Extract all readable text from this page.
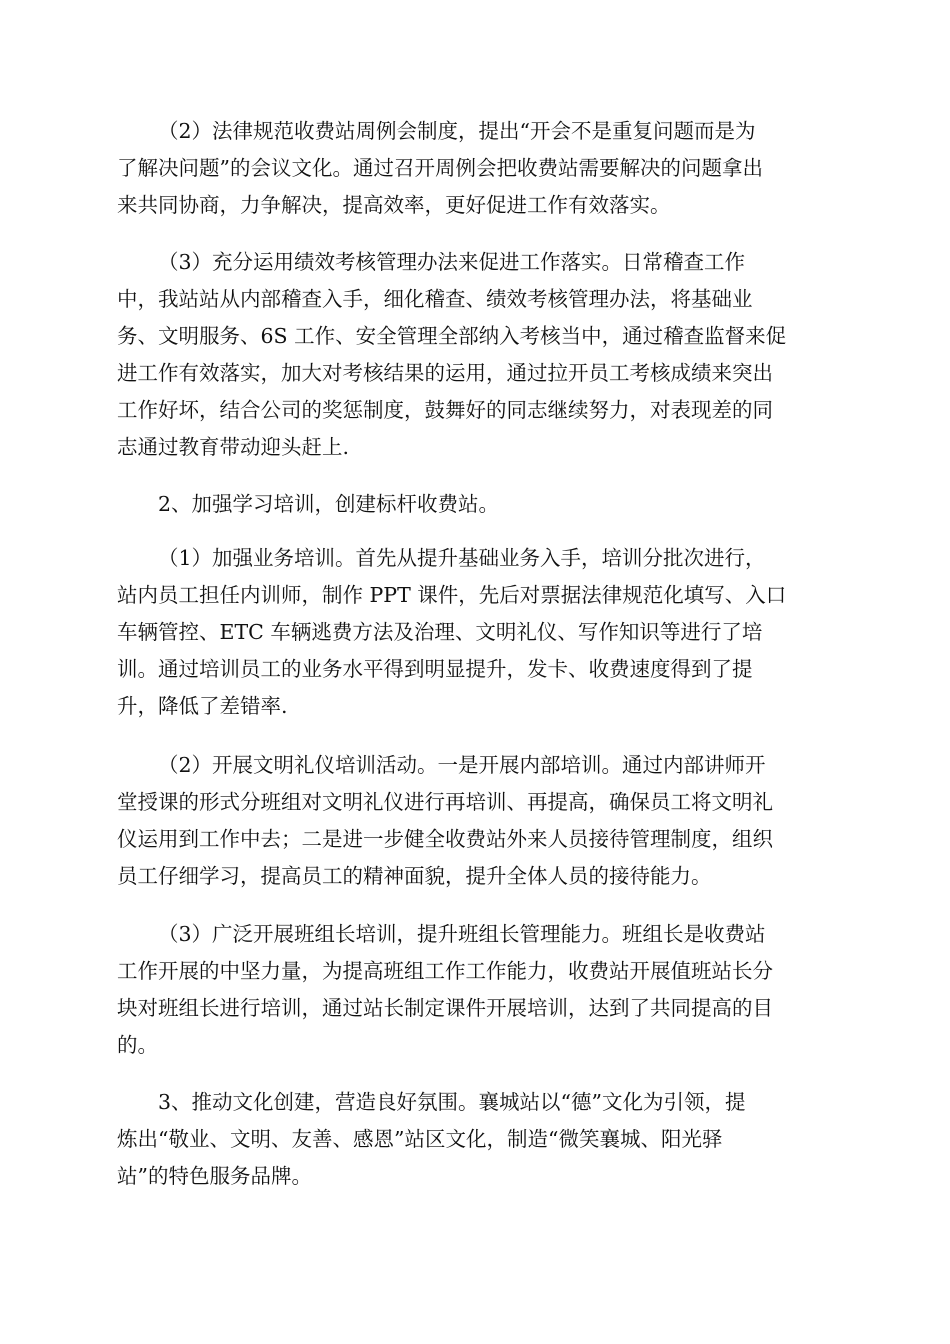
（2）法律规范收费站周例会制度，提出“开会不是重复问题而是为
了解决问题”的会议文化。通过召开周例会把收费站需要解决的问题拿出
来共同协商，力争解决，提高效率，更好促进工作有效落实。
（3）充分运用绩效考核管理办法来促进工作落实。日常稽查工作
中，我站站从内部稽查入手，细化稽查、绩效考核管理办法，将基础业
务、文明服务、6S 工作、安全管理全部纳入考核当中，通过稽查监督来促
进工作有效落实，加大对考核结果的运用，通过拉开员工考核成绩来突出
工作好坏，结合公司的奖惩制度，鼓舞好的同志继续努力，对表现差的同
志通过教育带动迎头赶上.
2、加强学习培训，创建标杆收费站。
（1）加强业务培训。首先从提升基础业务入手，培训分批次进行，
站内员工担任内训师，制作 PPT 课件，先后对票据法律规范化填写、入口
车辆管控、ETC 车辆逃费方法及治理、文明礼仪、写作知识等进行了培
训。通过培训员工的业务水平得到明显提升，发卡、收费速度得到了提
升，降低了差错率.
（2）开展文明礼仪培训活动。一是开展内部培训。通过内部讲师开
堂授课的形式分班组对文明礼仪进行再培训、再提高，确保员工将文明礼
仪运用到工作中去；二是进一步健全收费站外来人员接待管理制度，组织
员工仔细学习，提高员工的精神面貌，提升全体人员的接待能力。
（3）广泛开展班组长培训，提升班组长管理能力。班组长是收费站
工作开展的中坚力量，为提高班组工作工作能力，收费站开展值班站长分
块对班组长进行培训，通过站长制定课件开展培训，达到了共同提高的目
的。
3、推动文化创建，营造良好氛围。襄城站以“德”文化为引领，提
炼出“敬业、文明、友善、感恩”站区文化，制造“微笑襄城、阳光驿
站”的特色服务品牌。
